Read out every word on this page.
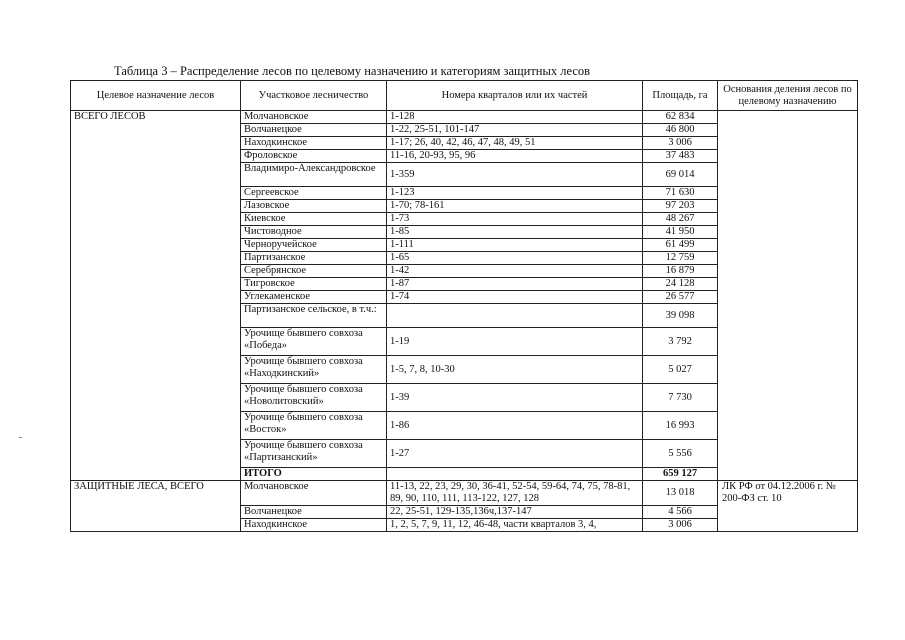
Таблица 3 – Распределение лесов по целевому назначению и категориям защитных лесов
Целевое назначение лесов	Участковое лесничество	Номера кварталов или их частей	Площадь, га	Основания деления лесов по целевому назначению
ВСЕГО ЛЕСОВ	Молчановское	1-128	62 834	
	Волчанецкое	1-22, 25-51, 101-147	46 800	
	Находкинское	1-17; 26, 40, 42, 46, 47, 48, 49, 51	3 006	
	Фроловское	11-16, 20-93, 95, 96	37 483	
	Владимиро-Александровское	1-359	69 014	
	Сергеевское	1-123	71 630	
	Лазовское	1-70; 78-161	97 203	
	Киевское	1-73	48 267	
	Чистоводное	1-85	41 950	
	Черноручейское	1-111	61 499	
	Партизанское	1-65	12 759	
	Серебрянское	1-42	16 879	
	Тигровское	1-87	24 128	
	Углекаменское	1-74	26 577	
	Партизанское сельское, в т.ч.:		39 098	
	Урочище бывшего совхоза «Победа»	1-19	3 792	
	Урочище бывшего совхоза «Находкинский»	1-5, 7, 8, 10-30	5 027	
	Урочище бывшего совхоза «Новолитовский»	1-39	7 730	
	Урочище бывшего совхоза «Восток»	1-86	16 993	
	Урочище бывшего совхоза «Партизанский»	1-27	5 556	
	ИТОГО		659 127	
ЗАЩИТНЫЕ ЛЕСА, ВСЕГО	Молчановское	11-13, 22, 23, 29, 30, 36-41, 52-54, 59-64, 74, 75, 78-81, 89, 90, 110, 111, 113-122, 127, 128	13 018	ЛК РФ от 04.12.2006 г. № 200-ФЗ ст. 10
	Волчанецкое	22, 25-51, 129-135,136ч,137-147	4 566	
	Находкинское	1, 2, 5, 7, 9, 11, 12, 46-48, части кварталов 3, 4,	3 006	
